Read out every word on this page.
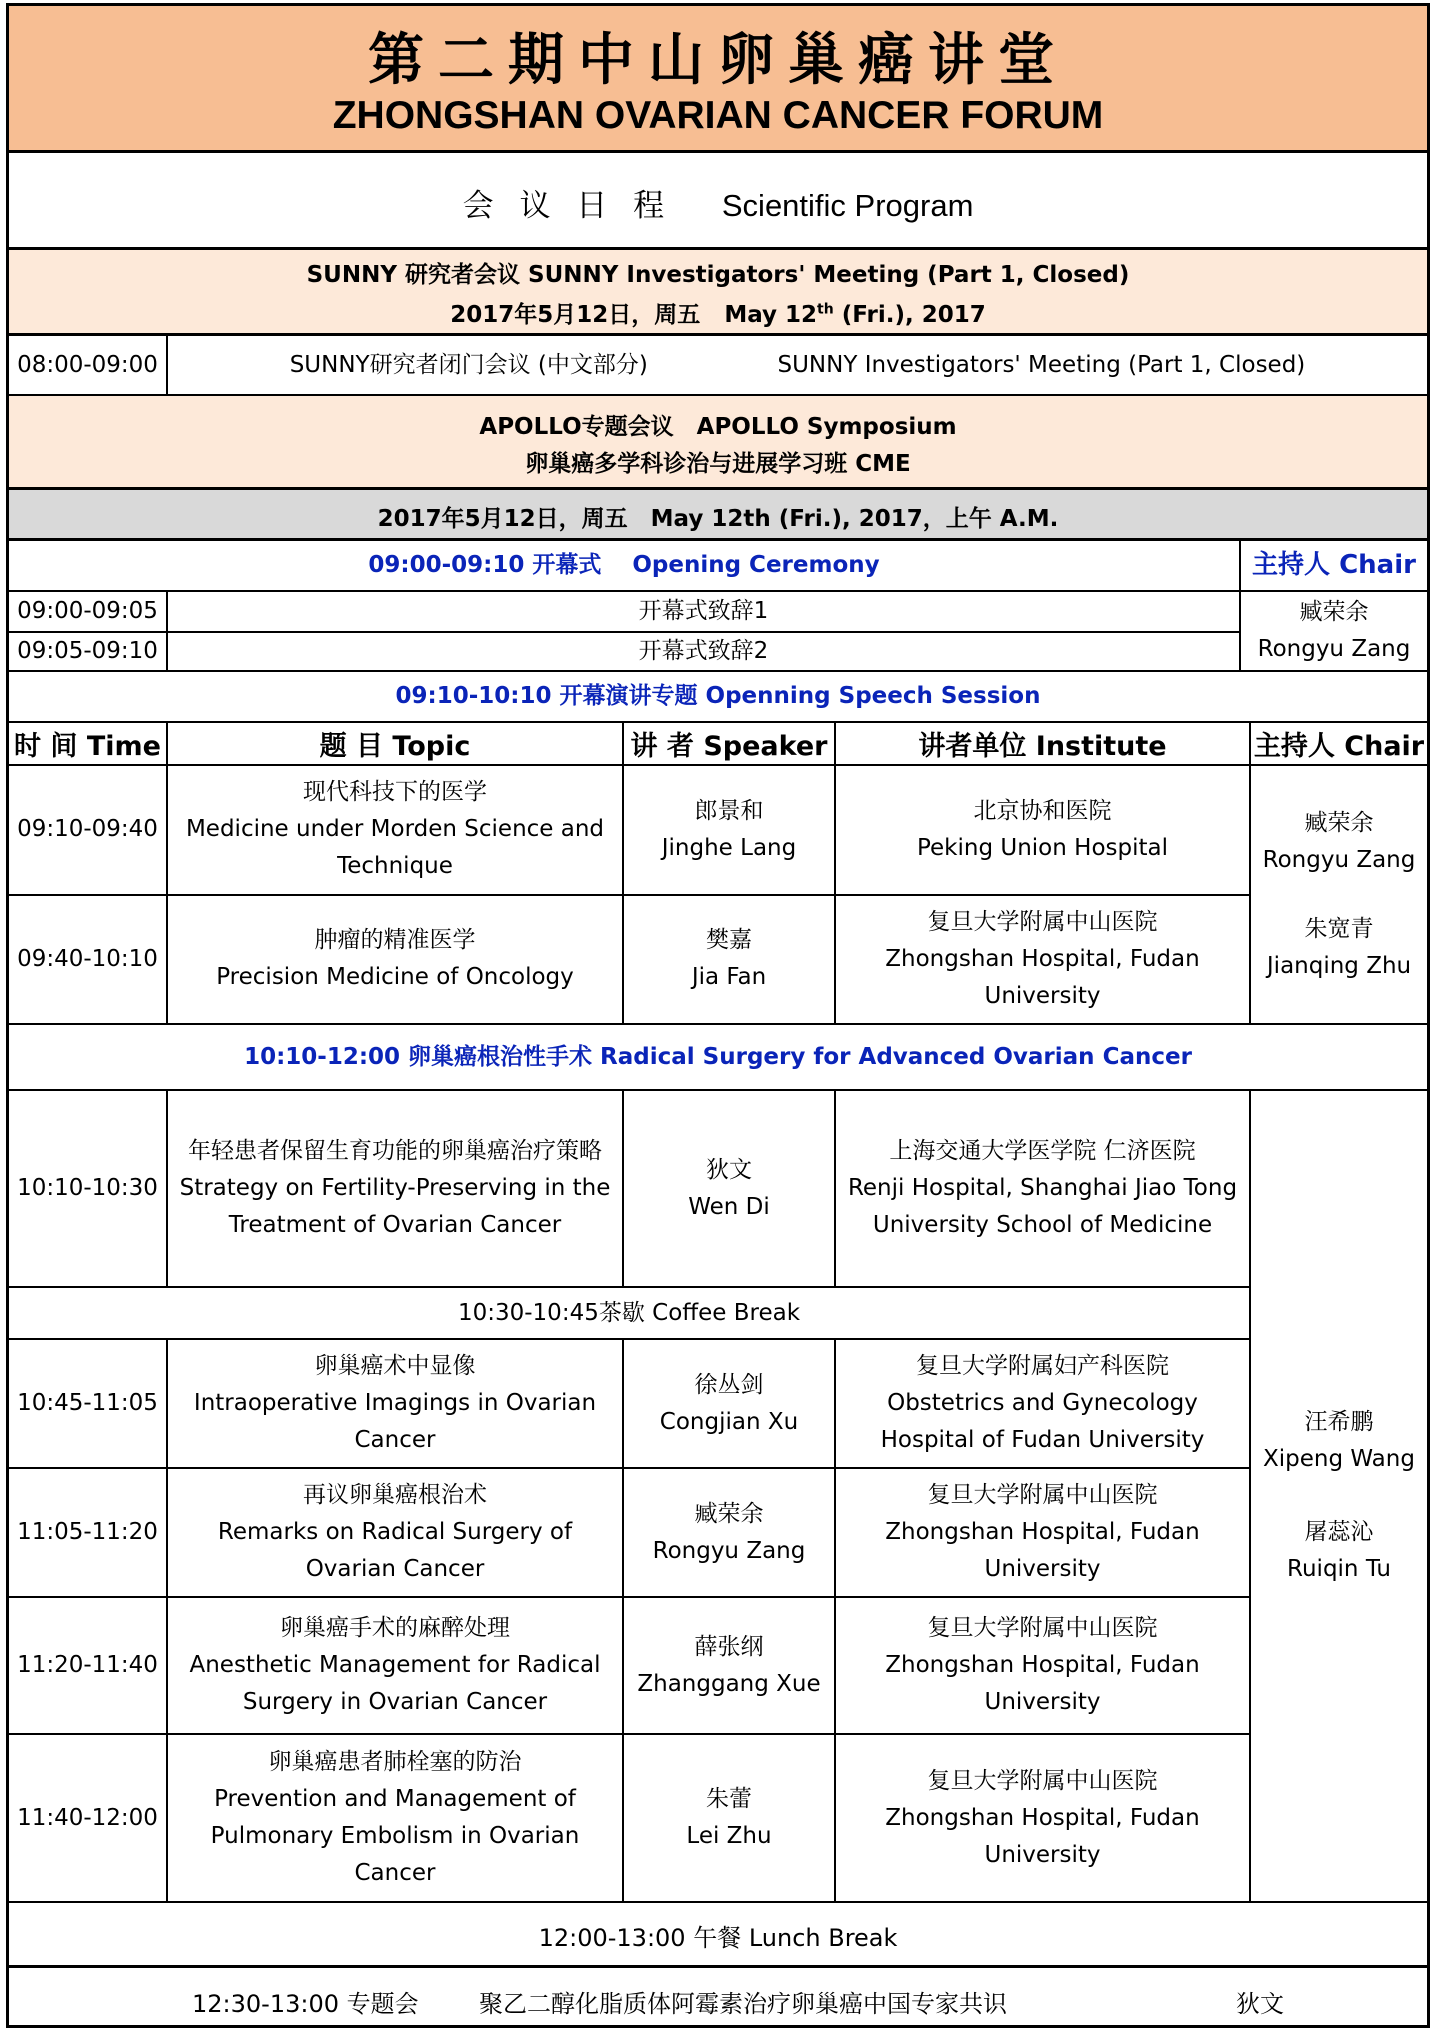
第二期中山卵巢癌讲堂
ZHONGSHAN OVARIAN CANCER FORUM
会 议 日 程 Scientific Program
SUNNY 研究者会议 SUNNY Investigators' Meeting (Part 1, Closed)
2017年5月12日，周五 May 12th (Fri.), 2017
08:00-09:00	SUNNY研究者闭门会议 (中文部分)	SUNNY Investigators' Meeting (Part 1, Closed)
APOLLO专题会议　APOLLO Symposium
卵巢癌多学科诊治与进展学习班 CME
2017年5月12日，周五　May 12th (Fri.), 2017，上午 A.M.
09:00-09:10 开幕式　 Opening Ceremony		主持人 Chair
09:00-09:05	开幕式致辞1	臧荣余
Rongyu Zang

09:05-09:10	开幕式致辞2	
09:10-10:10 开幕演讲专题 Openning Speech Session				
时 间 Time	题 目 Topic	讲 者 Speaker	讲者单位 Institute	主持人 Chair
09:10-09:40	现代科技下的医学
Medicine under Morden Science and Technique	郎景和
Jinghe Lang	北京协和医院
Peking Union Hospital	臧荣余
Rongyu Zang
朱宽青
Jianqing Zhu

09:40-10:10	肿瘤的精准医学
Precision Medicine of Oncology	樊嘉
Jia Fan	复旦大学附属中山医院
Zhongshan Hospital, Fudan University	
10:10-12:00 卵巢癌根治性手术 Radical Surgery for Advanced Ovarian Cancer				
10:10-10:30	年轻患者保留生育功能的卵巢癌治疗策略
Strategy on Fertility-Preserving in the Treatment of Ovarian Cancer	狄文
Wen Di	上海交通大学医学院 仁济医院
Renji Hospital, Shanghai Jiao Tong University School of Medicine	汪希鹏
Xipeng Wang
屠蕊沁
Ruiqin Tu

10:30-10:45茶歇 Coffee Break				
10:45-11:05	卵巢癌术中显像
Intraoperative Imagings in Ovarian Cancer	徐丛剑
Congjian Xu	复旦大学附属妇产科医院
Obstetrics and Gynecology Hospital of Fudan University	

11:05-11:20	再议卵巢癌根治术
Remarks on Radical Surgery of Ovarian Cancer	臧荣余
Rongyu Zang	复旦大学附属中山医院
Zhongshan Hospital, Fudan University	

11:20-11:40	卵巢癌手术的麻醉处理
Anesthetic Management for Radical Surgery in Ovarian Cancer	薛张纲
Zhanggang Xue	复旦大学附属中山医院
Zhongshan Hospital, Fudan University	

11:40-12:00	卵巢癌患者肺栓塞的防治
Prevention and Management of Pulmonary Embolism in Ovarian Cancer	朱蕾
Lei Zhu	复旦大学附属中山医院
Zhongshan Hospital, Fudan University	
12:00-13:00 午餐 Lunch Break
12:30-13:00 专题会	聚乙二醇化脂质体阿霉素治疗卵巢癌中国专家共识	狄文
